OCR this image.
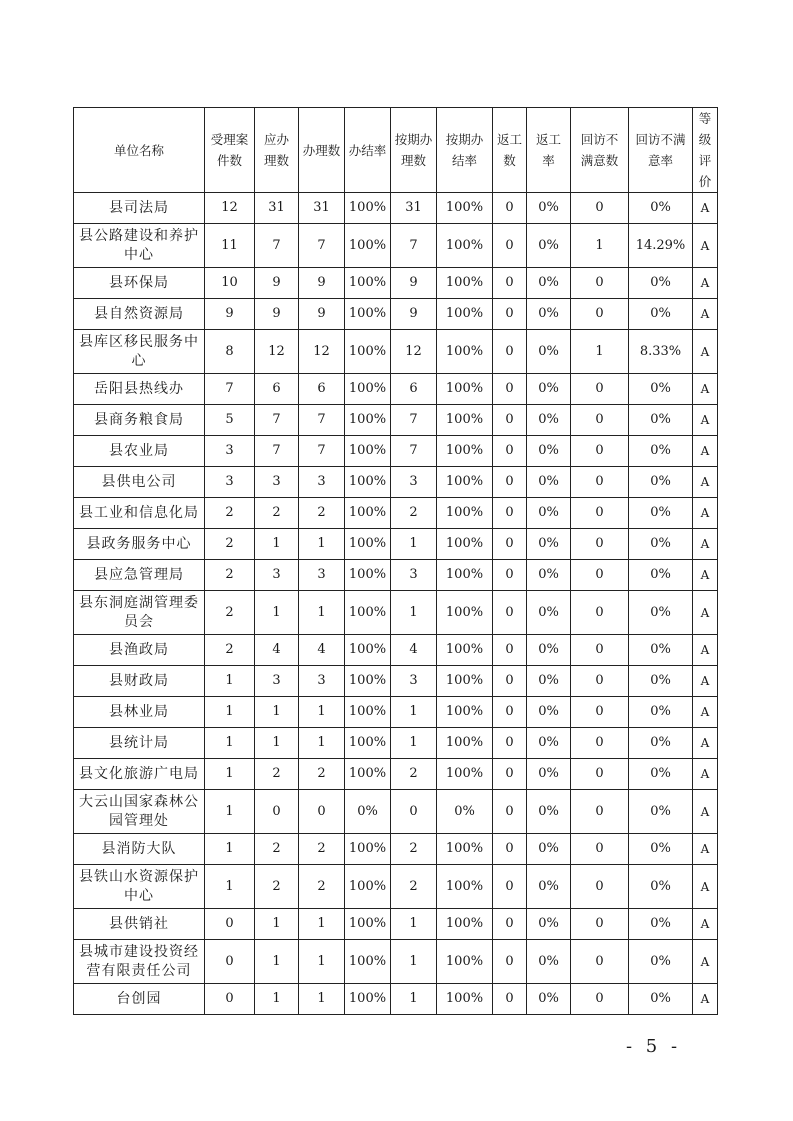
单位名称	受理案件数	应办理数	办理数	办结率	按期办理数	按期办结率	返工数	返工率	回访不满意数	回访不满意率	等级评价
县司法局	12	31	31	100%	31	100%	0	0%	0	0%	A
县公路建设和养护中心	11	7	7	100%	7	100%	0	0%	1	14.29%	A
县环保局	10	9	9	100%	9	100%	0	0%	0	0%	A
县自然资源局	9	9	9	100%	9	100%	0	0%	0	0%	A
县库区移民服务中心	8	12	12	100%	12	100%	0	0%	1	8.33%	A
岳阳县热线办	7	6	6	100%	6	100%	0	0%	0	0%	A
县商务粮食局	5	7	7	100%	7	100%	0	0%	0	0%	A
县农业局	3	7	7	100%	7	100%	0	0%	0	0%	A
县供电公司	3	3	3	100%	3	100%	0	0%	0	0%	A
县工业和信息化局	2	2	2	100%	2	100%	0	0%	0	0%	A
县政务服务中心	2	1	1	100%	1	100%	0	0%	0	0%	A
县应急管理局	2	3	3	100%	3	100%	0	0%	0	0%	A
县东洞庭湖管理委员会	2	1	1	100%	1	100%	0	0%	0	0%	A
县渔政局	2	4	4	100%	4	100%	0	0%	0	0%	A
县财政局	1	3	3	100%	3	100%	0	0%	0	0%	A
县林业局	1	1	1	100%	1	100%	0	0%	0	0%	A
县统计局	1	1	1	100%	1	100%	0	0%	0	0%	A
县文化旅游广电局	1	2	2	100%	2	100%	0	0%	0	0%	A
大云山国家森林公园管理处	1	0	0	0%	0	0%	0	0%	0	0%	A
县消防大队	1	2	2	100%	2	100%	0	0%	0	0%	A
县铁山水资源保护中心	1	2	2	100%	2	100%	0	0%	0	0%	A
县供销社	0	1	1	100%	1	100%	0	0%	0	0%	A
县城市建设投资经营有限责任公司	0	1	1	100%	1	100%	0	0%	0	0%	A
台创园	0	1	1	100%	1	100%	0	0%	0	0%	A
- 5 -
